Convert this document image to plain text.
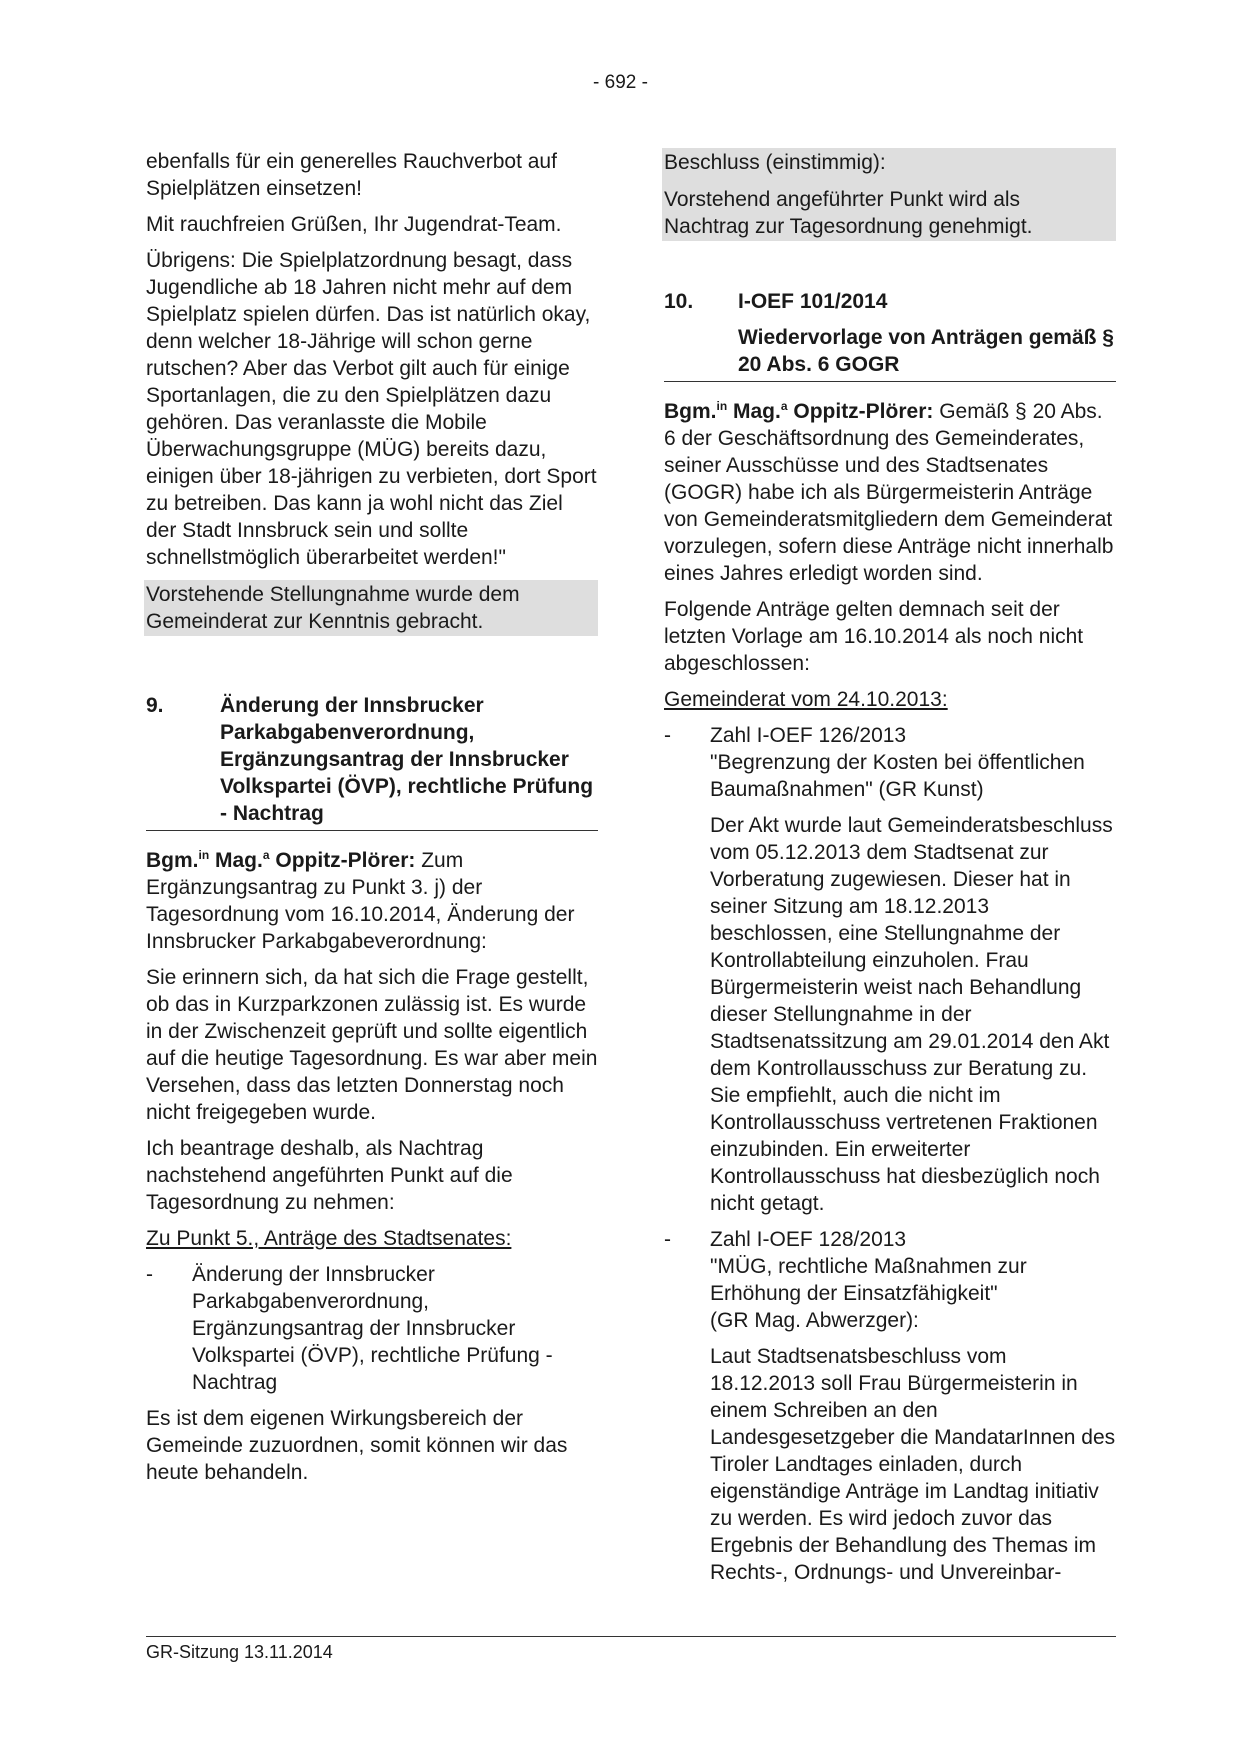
- 692 -

ebenfalls für ein generelles Rauchverbot auf Spielplätzen einsetzen!

Mit rauchfreien Grüßen, Ihr Jugendrat-Team.

Übrigens: Die Spielplatzordnung besagt, dass Jugendliche ab 18 Jahren nicht mehr auf dem Spielplatz spielen dürfen. Das ist natürlich okay, denn welcher 18-Jährige will schon gerne rutschen? Aber das Verbot gilt auch für einige Sportanlagen, die zu den Spielplätzen dazu gehören. Das veranlasste die Mobile Überwachungsgruppe (MÜG) bereits dazu, einigen über 18-jährigen zu verbieten, dort Sport zu betreiben. Das kann ja wohl nicht das Ziel der Stadt Innsbruck sein und sollte schnellstmöglich überarbeitet werden!"

Vorstehende Stellungnahme wurde dem Gemeinderat zur Kenntnis gebracht.

9.	Änderung der Innsbrucker Parkabgabenverordnung, Ergänzungsantrag der Innsbrucker Volkspartei (ÖVP), rechtliche Prüfung - Nachtrag

Bgm.$^{in}$ Mag.$^a$ Oppitz-Plörer: Zum Ergänzungsantrag zu Punkt 3. j) der Tagesordnung vom 16.10.2014, Änderung der Innsbrucker Parkabgabeverordnung:

Sie erinnern sich, da hat sich die Frage gestellt, ob das in Kurzparkzonen zulässig ist. Es wurde in der Zwischenzeit geprüft und sollte eigentlich auf die heutige Tagesordnung. Es war aber mein Versehen, dass das letzten Donnerstag noch nicht freigegeben wurde.

Ich beantrage deshalb, als Nachtrag nachstehend angeführten Punkt auf die Tagesordnung zu nehmen:

Zu Punkt 5., Anträge des Stadtsenates:

-	Änderung der Innsbrucker Parkabgabenverordnung, Ergänzungsantrag der Innsbrucker Volkspartei (ÖVP), rechtliche Prüfung - Nachtrag

Es ist dem eigenen Wirkungsbereich der Gemeinde zuzuordnen, somit können wir das heute behandeln.

Beschluss (einstimmig):

Vorstehend angeführter Punkt wird als Nachtrag zur Tagesordnung genehmigt.

10.	I-OEF 101/2014
Wiedervorlage von Anträgen gemäß § 20 Abs. 6 GOGR

Bgm.$^{in}$ Mag.$^a$ Oppitz-Plörer: Gemäß § 20 Abs. 6 der Geschäftsordnung des Gemeinderates, seiner Ausschüsse und des Stadtsenates (GOGR) habe ich als Bürgermeisterin Anträge von Gemeinderatsmitgliedern dem Gemeinderat vorzulegen, sofern diese Anträge nicht innerhalb eines Jahres erledigt worden sind.

Folgende Anträge gelten demnach seit der letzten Vorlage am 16.10.2014 als noch nicht abgeschlossen:

Gemeinderat vom 24.10.2013:

-	Zahl I-OEF 126/2013
"Begrenzung der Kosten bei öffentlichen Baumaßnahmen" (GR Kunst)

Der Akt wurde laut Gemeinderatsbeschluss vom 05.12.2013 dem Stadtsenat zur Vorberatung zugewiesen. Dieser hat in seiner Sitzung am 18.12.2013 beschlossen, eine Stellungnahme der Kontrollabteilung einzuholen. Frau Bürgermeisterin weist nach Behandlung dieser Stellungnahme in der Stadtsenatssitzung am 29.01.2014 den Akt dem Kontrollausschuss zur Beratung zu. Sie empfiehlt, auch die nicht im Kontrollausschuss vertretenen Fraktionen einzubinden. Ein erweiterter Kontrollausschuss hat diesbezüglich noch nicht getagt.

-	Zahl I-OEF 128/2013
"MÜG, rechtliche Maßnahmen zur Erhöhung der Einsatzfähigkeit"
(GR Mag. Abwerzger):

Laut Stadtsenatsbeschluss vom 18.12.2013 soll Frau Bürgermeisterin in einem Schreiben an den Landesgesetzgeber die MandatarInnen des Tiroler Landtages einladen, durch eigenständige Anträge im Landtag initiativ zu werden. Es wird jedoch zuvor das Ergebnis der Behandlung des Themas im Rechts-, Ordnungs- und Unvereinbar-

GR-Sitzung 13.11.2014
